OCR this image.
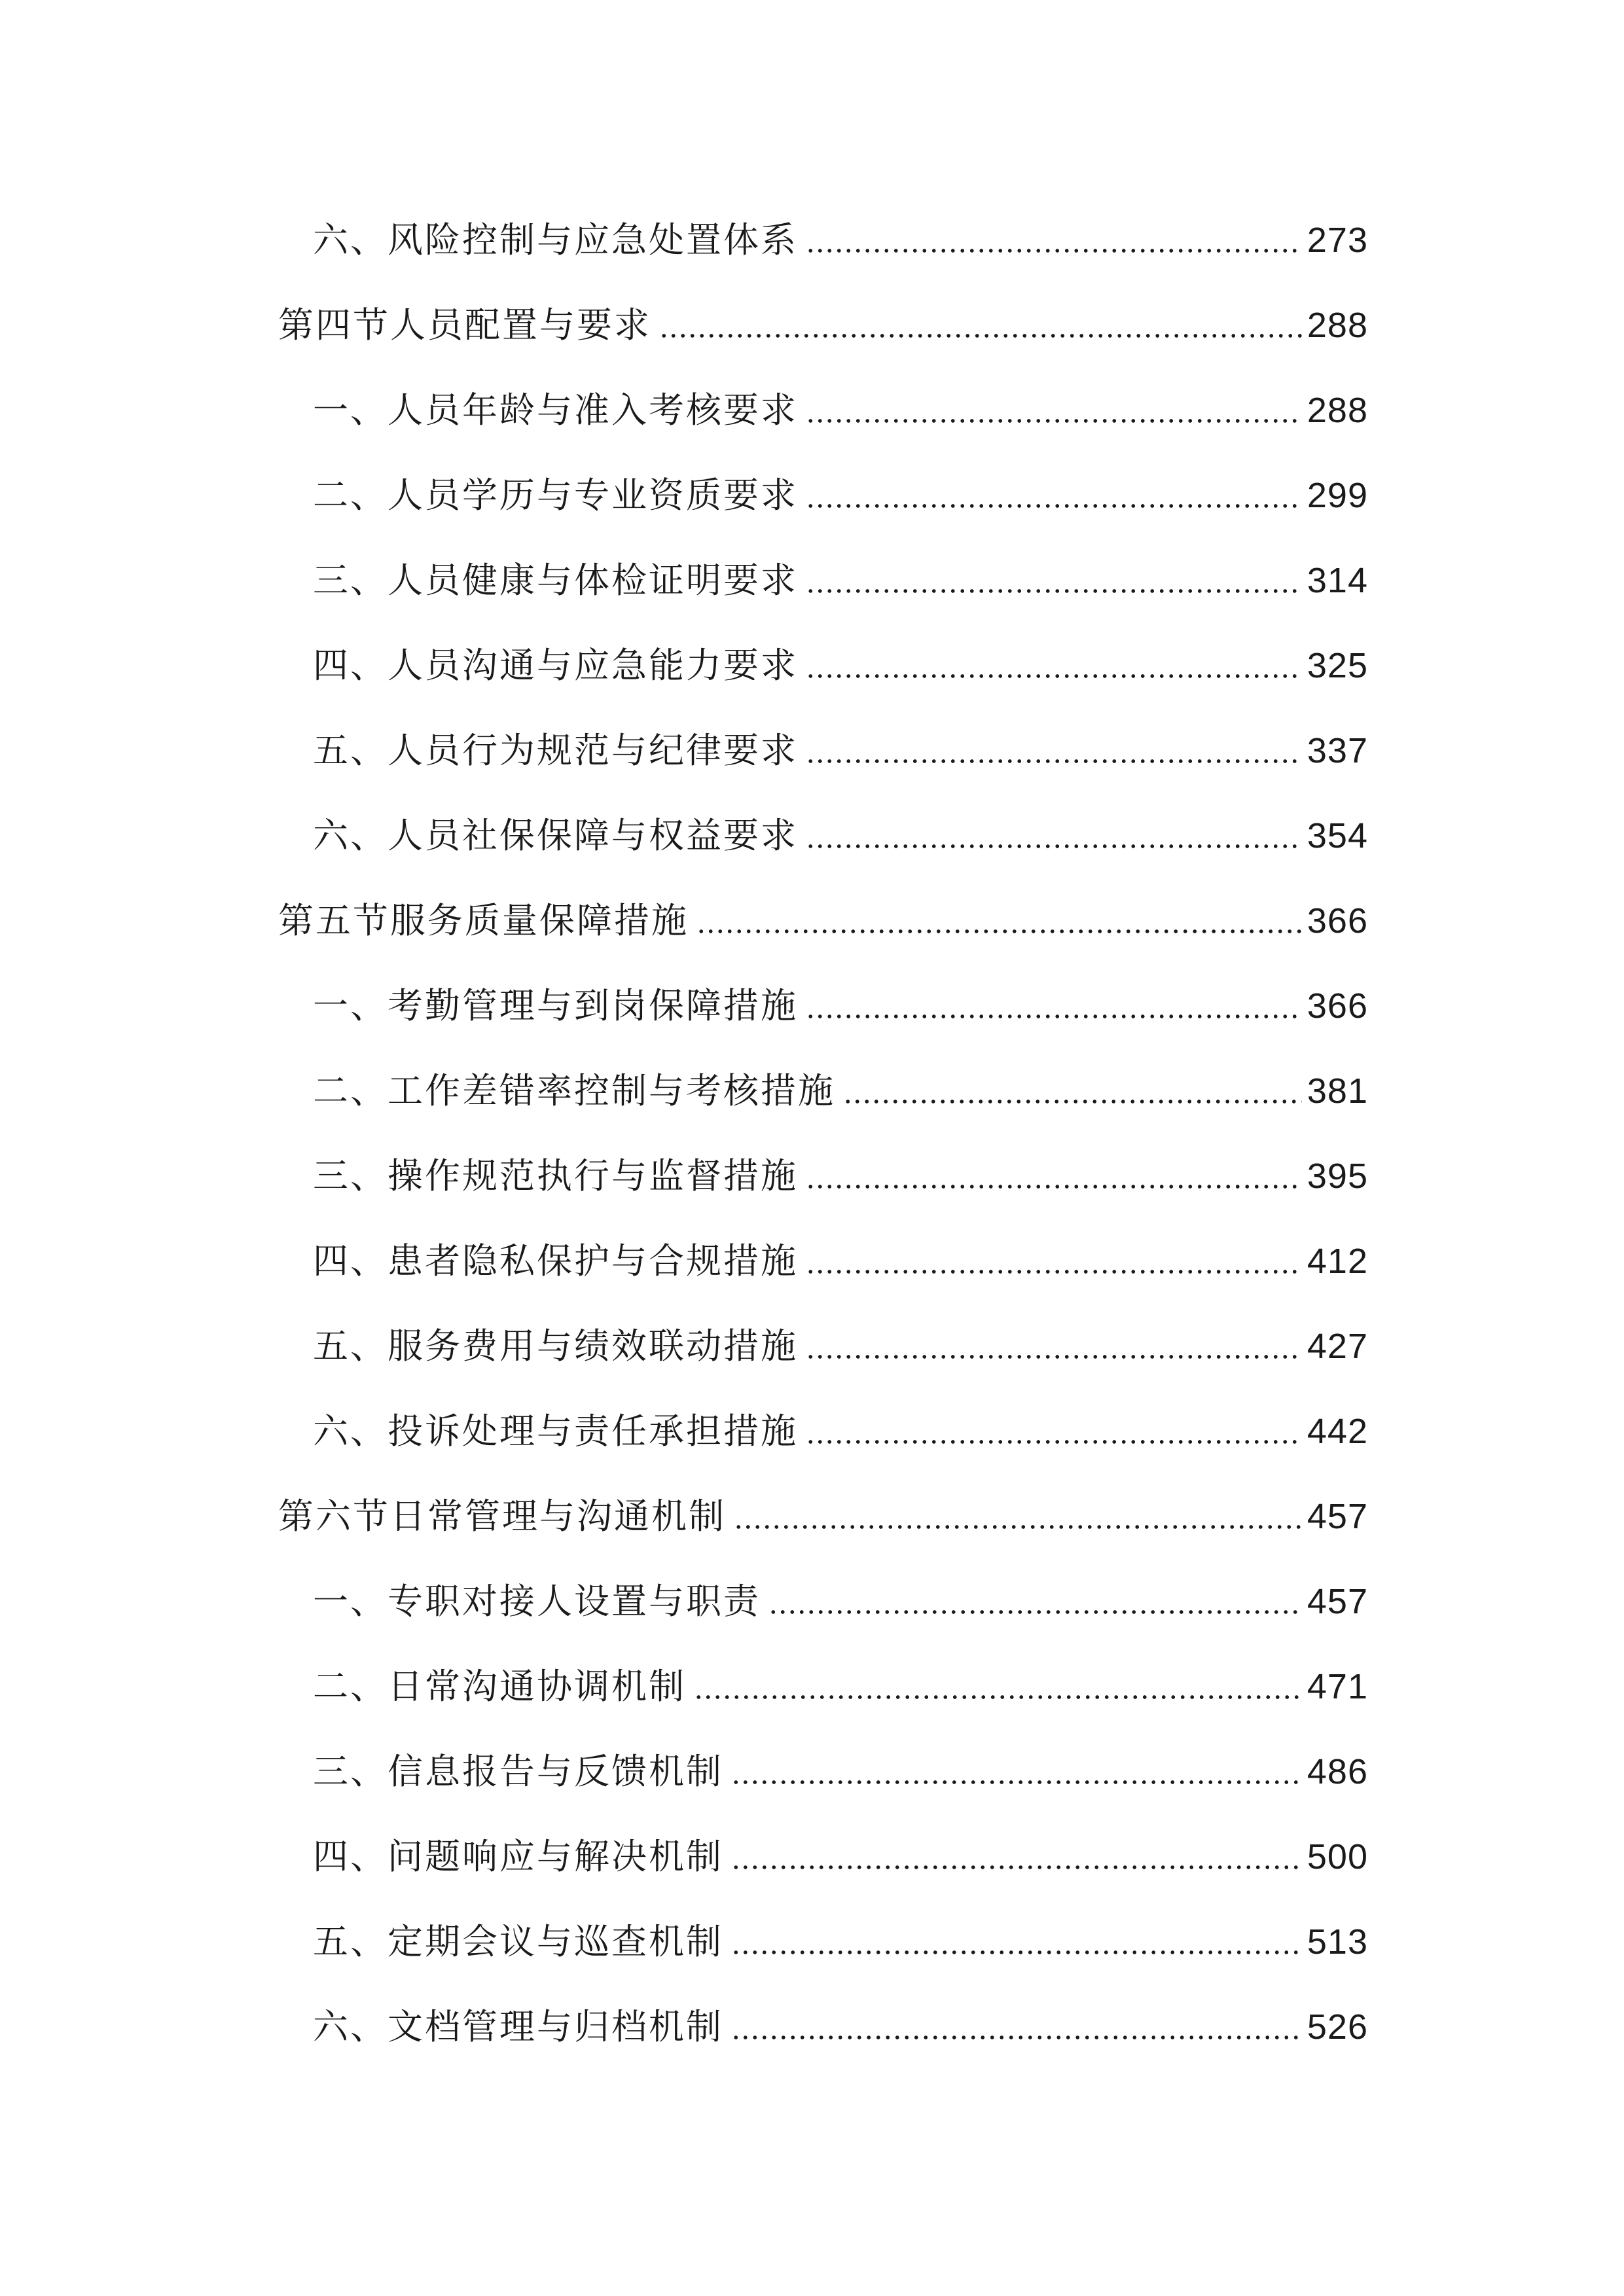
六、风险控制与应急处置体系	273
第四节人员配置与要求	288
一、人员年龄与准入考核要求	288
二、人员学历与专业资质要求	299
三、人员健康与体检证明要求	314
四、人员沟通与应急能力要求	325
五、人员行为规范与纪律要求	337
六、人员社保保障与权益要求	354
第五节服务质量保障措施	366
一、考勤管理与到岗保障措施	366
二、工作差错率控制与考核措施	381
三、操作规范执行与监督措施	395
四、患者隐私保护与合规措施	412
五、服务费用与绩效联动措施	427
六、投诉处理与责任承担措施	442
第六节日常管理与沟通机制	457
一、专职对接人设置与职责	457
二、日常沟通协调机制	471
三、信息报告与反馈机制	486
四、问题响应与解决机制	500
五、定期会议与巡查机制	513
六、文档管理与归档机制	526
